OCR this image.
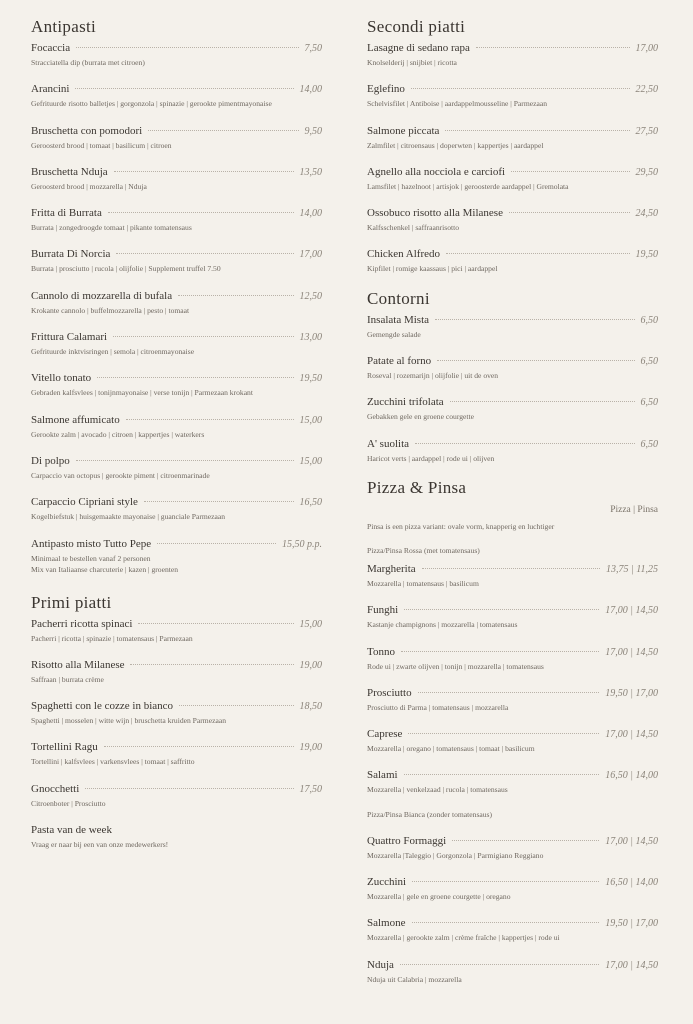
Antipasti
Focaccia	7,50
Stracciatella dip (burrata met citroen)
Arancini	14,00
Gefrituurde risotto balletjes | gorgonzola | spinazie | gerookte pimentmayonaise
Bruschetta con pomodori	9,50
Geroosterd brood | tomaat | basilicum | citroen
Bruschetta Nduja	13,50
Geroosterd brood | mozzarella | Nduja
Fritta di Burrata	14,00
Burrata | zongedroogde tomaat | pikante tomatensaus
Burrata Di Norcia	17,00
Burrata | prosciutto | rucola | olijfolie | Supplement truffel 7.50
Cannolo di mozzarella di bufala	12,50
Krokante cannolo | buffelmozzarella | pesto | tomaat
Frittura Calamari	13,00
Gefrituurde inktvisringen | semola | citroenmayonaise
Vitello tonato	19,50
Gebraden kalfsvlees | tonijnmayonaise | verse tonijn | Parmezaan krokant
Salmone affumicato	15,00
Gerookte zalm | avocado | citroen | kappertjes | waterkers
Di polpo	15,00
Carpaccio van octopus | gerookte piment | citroenmarinade
Carpaccio Cipriani style	16,50
Kogelbiefstuk | huisgemaakte mayonaise | guanciale Parmezaan
Antipasto misto Tutto Pepe	15,50 p.p.
Minimaal te bestellen vanaf 2 personen
Mix van Italiaanse charcuterie | kazen | groenten
Primi piatti
Pacherri ricotta spinaci	15,00
Pacherri | ricotta | spinazie | tomatensaus | Parmezaan
Risotto alla Milanese	19,00
Saffraan | burrata crème
Spaghetti con le cozze in bianco	18,50
Spaghetti | mosselen | witte wijn | bruschetta kruiden Parmezaan
Tortellini Ragu	19,00
Tortellini | kalfsvlees | varkensvlees | tomaat | saffritto
Gnocchetti	17,50
Citroenboter | Prosciutto
Pasta van de week
Vraag er naar bij een van onze medewerkers!
Secondi piatti
Lasagne di sedano rapa	17,00
Knolselderij | snijbiet | ricotta
Eglefino	22,50
Schelvisfilet | Antiboise | aardappelmousseline | Parmezaan
Salmone piccata	27,50
Zalmfilet | citroensaus | doperwten | kappertjes | aardappel
Agnello alla nocciola e carciofi	29,50
Lamsfilet | hazelnoot | artisjok | geroosterde aardappel | Gremolata
Ossobuco risotto alla Milanese	24,50
Kalfsschenkel | saffraanrisotto
Chicken Alfredo	19,50
Kipfilet | romige kaassaus | pici | aardappel
Contorni
Insalata Mista	6,50
Gemengde salade
Patate al forno	6,50
Roseval | rozemarijn | olijfolie | uit de oven
Zucchini trifolata	6,50
Gebakken gele en groene courgette
A' suolita	6,50
Haricot verts | aardappel | rode ui | olijven
Pizza & Pinsa
Pizza | Pinsa
Pinsa is een pizza variant: ovale vorm, knapperig en luchtiger
Pizza/Pinsa Rossa (met tomatensaus)
Margherita	13,75 | 11,25
Mozzarella | tomatensaus | basilicum
Funghi	17,00 | 14,50
Kastanje champignons | mozzarella | tomatensaus
Tonno	17,00 | 14,50
Rode ui | zwarte olijven | tonijn | mozzarella | tomatensaus
Prosciutto	19,50 | 17,00
Prosciutto di Parma | tomatensaus | mozzarella
Caprese	17,00 | 14,50
Mozzarella | oregano | tomatensaus | tomaat | basilicum
Salami	16,50 | 14,00
Mozzarella | venkelzaad | rucola | tomatensaus
Pizza/Pinsa Bianca (zonder tomatensaus)
Quattro Formaggi	17,00 | 14,50
Mozzarella |Taleggio | Gorgonzola | Parmigiano Reggiano
Zucchini	16,50 | 14,00
Mozzarella | gele en groene courgette | oregano
Salmone	19,50 | 17,00
Mozzarella | gerookte zalm | crème fraîche | kappertjes | rode ui
Nduja	17,00 | 14,50
Nduja uit Calabria | mozzarella
